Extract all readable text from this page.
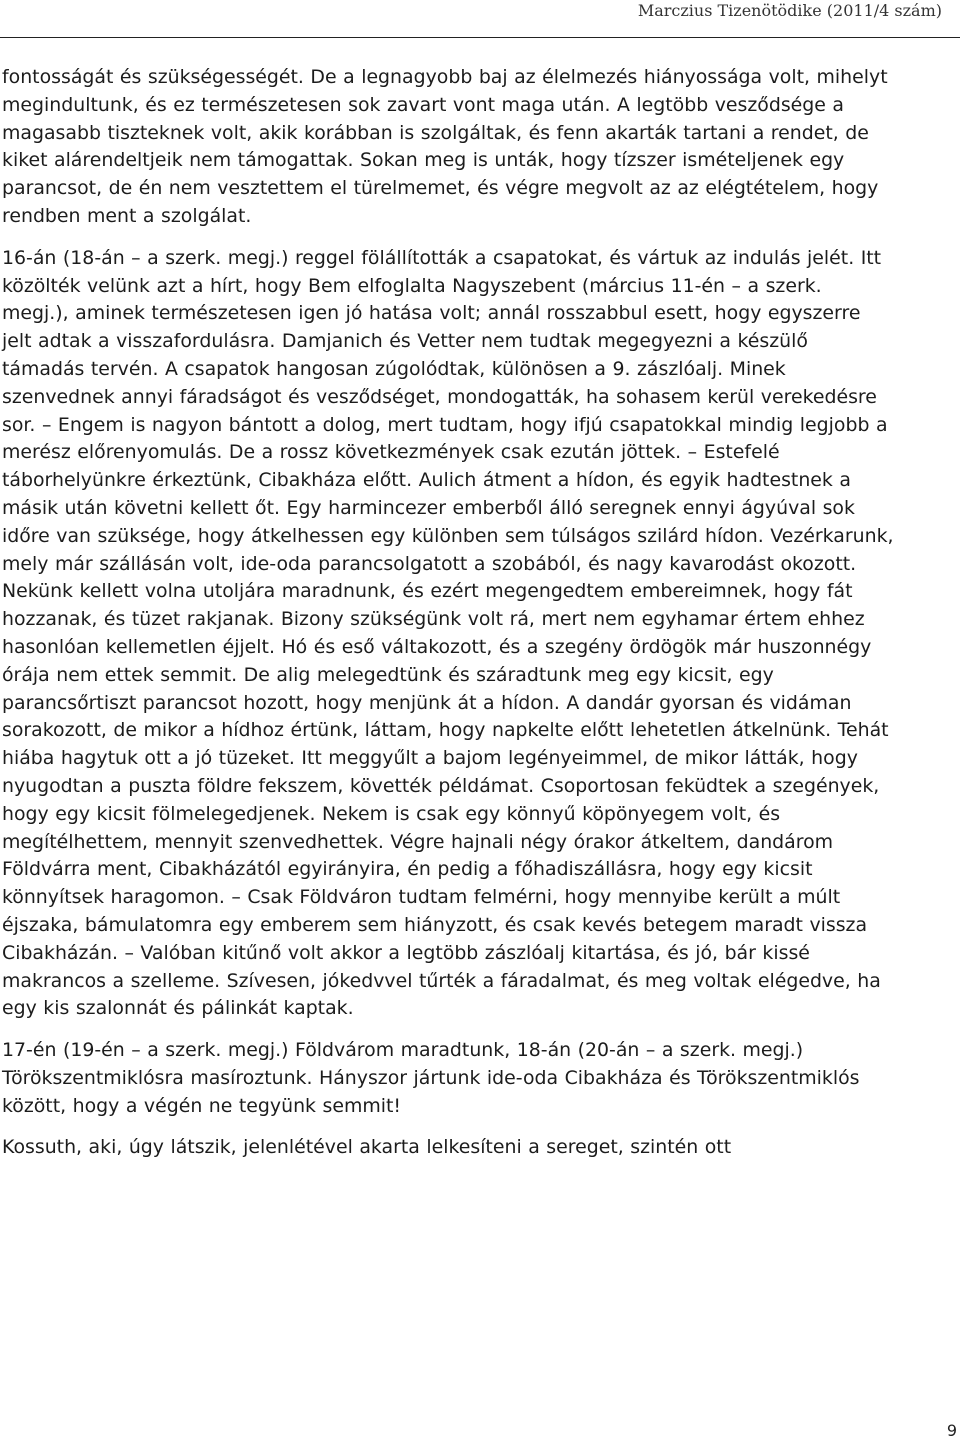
Marczius Tizenötödike (2011/4 szám)

fontosságát és szükségességét. De a legnagyobb baj az élelmezés hiányossága volt, mihelyt megindultunk, és ez természetesen sok zavart vont maga után. A legtöbb vesződsége a magasabb tiszteknek volt, akik korábban is szolgáltak, és fenn akarták tartani a rendet, de kiket alárendeltjeik nem támogattak. Sokan meg is unták, hogy tízszer ismételjenek egy parancsot, de én nem vesztettem el türelmemet, és végre megvolt az az elégtételem, hogy rendben ment a szolgálat.

16-án (18-án – a szerk. megj.) reggel fölállították a csapatokat, és vártuk az indulás jelét. Itt közölték velünk azt a hírt, hogy Bem elfoglalta Nagyszebent (március 11-én – a szerk. megj.), aminek természetesen igen jó hatása volt; annál rosszabbul esett, hogy egyszerre jelt adtak a visszafordulásra. Damjanich és Vetter nem tudtak megegyezni a készülő támadás tervén. A csapatok hangosan zúgolódtak, különösen a 9. zászlóalj. Minek szenvednek annyi fáradságot és vesződséget, mondogatták, ha sohasem kerül verekedésre sor. – Engem is nagyon bántott a dolog, mert tudtam, hogy ifjú csapatokkal mindig legjobb a merész előrenyomulás. De a rossz következmények csak ezután jöttek. – Estefelé táborhelyünkre érkeztünk, Cibakháza előtt. Aulich átment a hídon, és egyik hadtestnek a másik után követni kellett őt. Egy harmincezer emberből álló seregnek ennyi ágyúval sok időre van szüksége, hogy átkelhessen egy különben sem túlságos szilárd hídon. Vezérkarunk, mely már szállásán volt, ide-oda parancsolgatott a szobából, és nagy kavarodást okozott. Nekünk kellett volna utoljára maradnunk, és ezért megengedtem embereimnek, hogy fát hozzanak, és tüzet rakjanak. Bizony szükségünk volt rá, mert nem egyhamar értem ehhez hasonlóan kellemetlen éjjelt. Hó és eső váltakozott, és a szegény ördögök már huszonnégy órája nem ettek semmit. De alig melegedtünk és száradtunk meg egy kicsit, egy parancsőrtiszt parancsot hozott, hogy menjünk át a hídon. A dandár gyorsan és vidáman sorakozott, de mikor a hídhoz értünk, láttam, hogy napkelte előtt lehetetlen átkelnünk. Tehát hiába hagytuk ott a jó tüzeket. Itt meggyűlt a bajom legényeimmel, de mikor látták, hogy nyugodtan a puszta földre fekszem, követték példámat. Csoportosan feküdtek a szegények, hogy egy kicsit fölmelegedjenek. Nekem is csak egy könnyű köpönyegem volt, és megítélhettem, mennyit szenvedhettek. Végre hajnali négy órakor átkeltem, dandárom Földvárra ment, Cibakházától egyirányira, én pedig a főhadiszállásra, hogy egy kicsit könnyítsek haragomon. – Csak Földváron tudtam felmérni, hogy mennyibe került a múlt éjszaka, bámulatomra egy emberem sem hiányzott, és csak kevés betegem maradt vissza Cibakházán. – Valóban kitűnő volt akkor a legtöbb zászlóalj kitartása, és jó, bár kissé makrancos a szelleme. Szívesen, jókedvvel tűrték a fáradalmat, és meg voltak elégedve, ha egy kis szalonnát és pálinkát kaptak.

17-én (19-én – a szerk. megj.) Földvárom maradtunk, 18-án (20-án – a szerk. megj.) Törökszentmiklósra masíroztunk. Hányszor jártunk ide-oda Cibakháza és Törökszentmiklós között, hogy a végén ne tegyünk semmit!

Kossuth, aki, úgy látszik, jelenlétével akarta lelkesíteni a sereget, szintén ott

9
